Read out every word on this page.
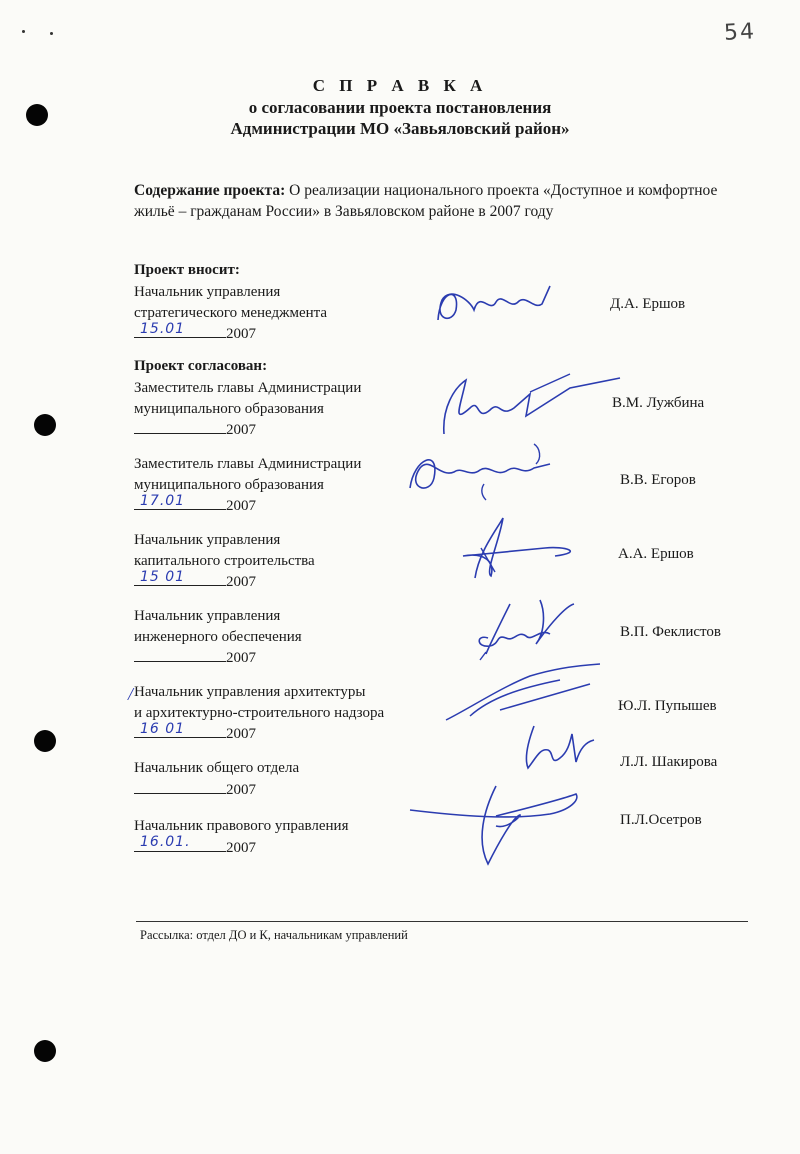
54
С П Р А В К А
о согласовании проекта постановления
Администрации МО «Завьяловский район»
Содержание проекта: О реализации национального проекта «Доступное и комфортное жильё – гражданам России» в Завьяловском районе в 2007 году
Проект вносит:
Начальник управления
стратегического менеджмента
15.01	2007
Д.А. Ершов
Проект согласован:
Заместитель главы Администрации
муниципального образования
2007
В.М. Лужбина
Заместитель главы Администрации
муниципального образования
17.01	2007
В.В. Егоров
Начальник управления
капитального строительства
15 01	2007
А.А. Ершов
Начальник управления
инженерного обеспечения
2007
В.П. Феклистов
/ Начальник управления архитектуры
и архитектурно-строительного надзора
16 01	2007
Ю.Л. Пупышев
Начальник общего отдела
2007
Л.Л. Шакирова
Начальник правового управления
16.01. 2007
П.Л.Осетров
Рассылка: отдел ДО и К, начальникам управлений
